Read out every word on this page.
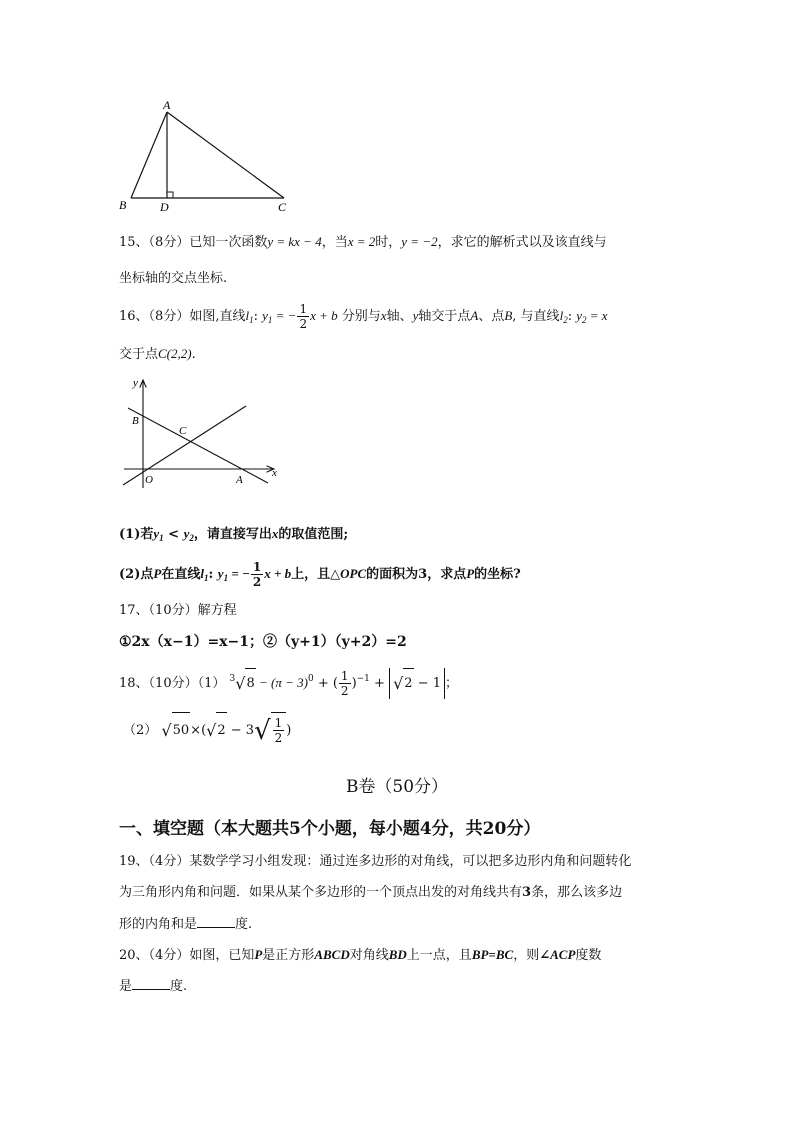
A
B	D	C
15、（8分）已知一次函数y = kx − 4，当x = 2时，y = −2，求它的解析式以及该直线与
坐标轴的交点坐标.
16、（8分）如图,直线$l_1$: $y_1$ = − $\frac{1}{2}$ x + b 分别与x轴、y轴交于点A、点B, 与直线$l_2$: $y_2 = x$
交于点C(2,2).
y
x
B
C
O	A
(1)若$y_1 < y_2$，请直接写出x的取值范围;
(2)点P在直线$l_1$: $y_1$ = − $\frac{1}{2}$ x + b上，且△OPC的面积为3，求点P的坐标?
17、（10分）解方程
①2x（x−1）=x−1；②（y+1）（y+2）=2
18、（10分）（1） $^3$ √ $8 - (\pi - 3)^0$ + ( $\frac{1}{2} )^{-1}$ + √ 2 − 1 ；
（2） √ 50 ×( √ 2 − 3 √ $\frac{1}{2}$ )
B卷（50分）
一、填空题（本大题共5个小题，每小题4分，共20分）
19、（4分）某数学学习小组发现：通过连多边形的对角线，可以把多边形内角和问题转化
为三角形内角和问题．如果从某个多边形的一个顶点出发的对角线共有3条，那么该多边
形的内角和是	度.
20、（4分）如图，已知P是正方形ABCD对角线BD上一点，且BP=BC，则∠ACP度数
是	度.
